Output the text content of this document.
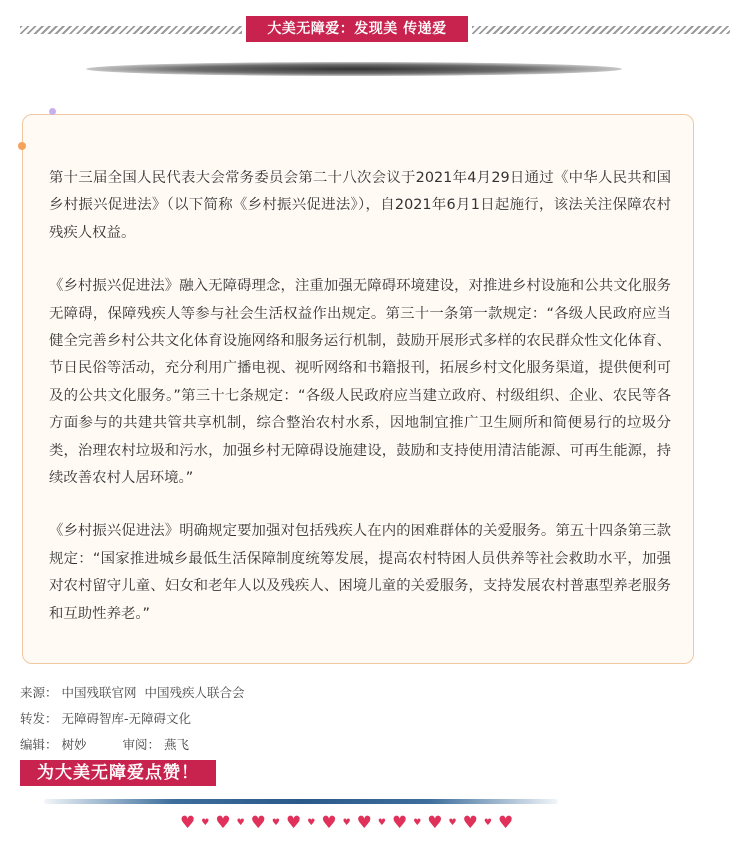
大美无障爱：发现美 传递爱

第十三届全国人民代表大会常务委员会第二十八次会议于2021年4月29日通过《中华人民共和国乡村振兴促进法》（以下简称《乡村振兴促进法》），自2021年6月1日起施行，该法关注保障农村残疾人权益。

《乡村振兴促进法》融入无障碍理念，注重加强无障碍环境建设，对推进乡村设施和公共文化服务无障碍，保障残疾人等参与社会生活权益作出规定。第三十一条第一款规定：“各级人民政府应当健全完善乡村公共文化体育设施网络和服务运行机制，鼓励开展形式多样的农民群众性文化体育、节日民俗等活动，充分利用广播电视、视听网络和书籍报刊，拓展乡村文化服务渠道，提供便利可及的公共文化服务。”第三十七条规定：“各级人民政府应当建立政府、村级组织、企业、农民等各方面参与的共建共管共享机制，综合整治农村水系，因地制宜推广卫生厕所和简便易行的垃圾分类，治理农村垃圾和污水，加强乡村无障碍设施建设，鼓励和支持使用清洁能源、可再生能源，持续改善农村人居环境。”

《乡村振兴促进法》明确规定要加强对包括残疾人在内的困难群体的关爱服务。第五十四条第三款规定：“国家推进城乡最低生活保障制度统筹发展，提高农村特困人员供养等社会救助水平，加强对农村留守儿童、妇女和老年人以及残疾人、困境儿童的关爱服务，支持发展农村普惠型养老服务和互助性养老。”

来源： 中国残联官网 中国残疾人联合会
转发： 无障碍智库-无障碍文化
编辑： 树妙	审阅： 燕飞
为大美无障爱点赞！
♥ ♥ ♥ ♥ ♥ ♥ ♥ ♥ ♥ ♥ ♥ ♥ ♥ ♥ ♥ ♥ ♥ ♥ ♥
